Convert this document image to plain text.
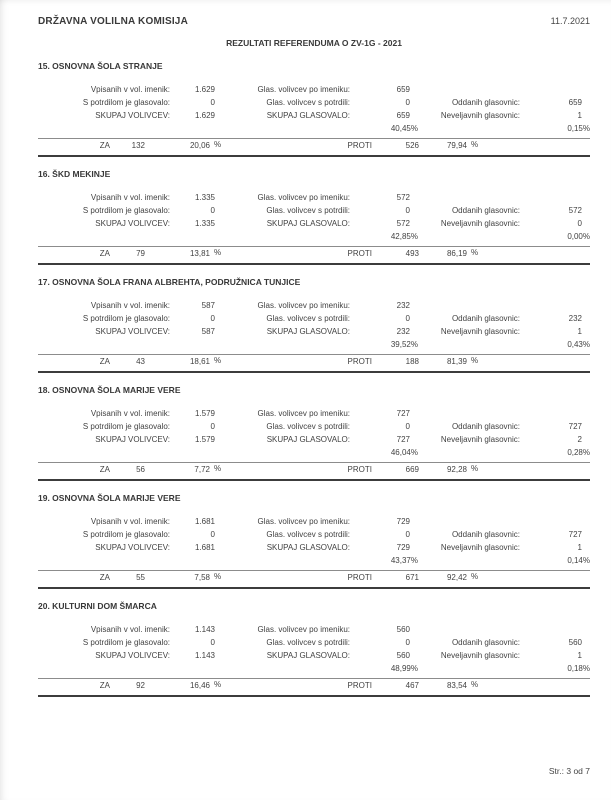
DRŽAVNA VOLILNA KOMISIJA	11.7.2021
REZULTATI REFERENDUMA O ZV-1G - 2021
15. OSNOVNA ŠOLA STRANJE
Vpisanih v vol. imenik:	1.629	Glas. volivcev po imeniku:	659
S potrdilom je glasovalo:	0	Glas. volivcev s potrdili:	0	Oddanih glasovnic:	659
SKUPAJ VOLIVCEV:	1.629	SKUPAJ GLASOVALO:	659	Neveljavnih glasovnic:	1
40,45%	0,15%
ZA	132	20,06 %	PROTI	526	79,94 %
16. ŠKD MEKINJE
Vpisanih v vol. imenik:	1.335	Glas. volivcev po imeniku:	572
S potrdilom je glasovalo:	0	Glas. volivcev s potrdili:	0	Oddanih glasovnic:	572
SKUPAJ VOLIVCEV:	1.335	SKUPAJ GLASOVALO:	572	Neveljavnih glasovnic:	0
42,85%	0,00%
ZA	79	13,81 %	PROTI	493	86,19 %
17. OSNOVNA ŠOLA FRANA ALBREHTA, PODRUŽNICA TUNJICE
Vpisanih v vol. imenik:	587	Glas. volivcev po imeniku:	232
S potrdilom je glasovalo:	0	Glas. volivcev s potrdili:	0	Oddanih glasovnic:	232
SKUPAJ VOLIVCEV:	587	SKUPAJ GLASOVALO:	232	Neveljavnih glasovnic:	1
39,52%	0,43%
ZA	43	18,61 %	PROTI	188	81,39 %
18. OSNOVNA ŠOLA MARIJE VERE
Vpisanih v vol. imenik:	1.579	Glas. volivcev po imeniku:	727
S potrdilom je glasovalo:	0	Glas. volivcev s potrdili:	0	Oddanih glasovnic:	727
SKUPAJ VOLIVCEV:	1.579	SKUPAJ GLASOVALO:	727	Neveljavnih glasovnic:	2
46,04%	0,28%
ZA	56	7,72 %	PROTI	669	92,28 %
19. OSNOVNA ŠOLA MARIJE VERE
Vpisanih v vol. imenik:	1.681	Glas. volivcev po imeniku:	729
S potrdilom je glasovalo:	0	Glas. volivcev s potrdili:	0	Oddanih glasovnic:	727
SKUPAJ VOLIVCEV:	1.681	SKUPAJ GLASOVALO:	729	Neveljavnih glasovnic:	1
43,37%	0,14%
ZA	55	7,58 %	PROTI	671	92,42 %
20. KULTURNI DOM ŠMARCA
Vpisanih v vol. imenik:	1.143	Glas. volivcev po imeniku:	560
S potrdilom je glasovalo:	0	Glas. volivcev s potrdili:	0	Oddanih glasovnic:	560
SKUPAJ VOLIVCEV:	1.143	SKUPAJ GLASOVALO:	560	Neveljavnih glasovnic:	1
48,99%	0,18%
ZA	92	16,46 %	PROTI	467	83,54 %
Str.: 3 od 7
